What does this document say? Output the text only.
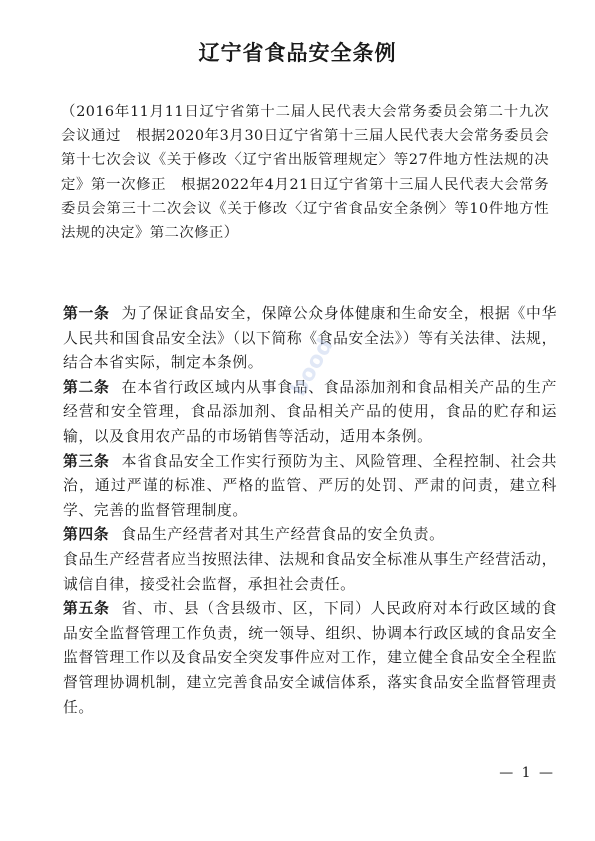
辽宁省食品安全条例
（2016年11月11日辽宁省第十二届人民代表大会常务委员会第二十九次会议通过　根据2020年3月30日辽宁省第十三届人民代表大会常务委员会第十七次会议《关于修改〈辽宁省出版管理规定〉等27件地方性法规的决定》第一次修正　根据2022年4月21日辽宁省第十三届人民代表大会常务委员会第三十二次会议《关于修改〈辽宁省食品安全条例〉等10件地方性法规的决定》第二次修正）

第一条 为了保证食品安全，保障公众身体健康和生命安全，根据《中华人民共和国食品安全法》（以下简称《食品安全法》）等有关法律、法规，结合本省实际，制定本条例。

第二条 在本省行政区域内从事食品、食品添加剂和食品相关产品的生产经营和安全管理，食品添加剂、食品相关产品的使用，食品的贮存和运输，以及食用农产品的市场销售等活动，适用本条例。

第三条 本省食品安全工作实行预防为主、风险管理、全程控制、社会共治，通过严谨的标准、严格的监管、严厉的处罚、严肃的问责，建立科学、完善的监督管理制度。

第四条 食品生产经营者对其生产经营食品的安全负责。

食品生产经营者应当按照法律、法规和食品安全标准从事生产经营活动，诚信自律，接受社会监督，承担社会责任。

第五条 省、市、县（含县级市、区，下同）人民政府对本行政区域的食品安全监督管理工作负责，统一领导、组织、协调本行政区域的食品安全监督管理工作以及食品安全突发事件应对工作，建立健全食品安全全程监督管理协调机制，建立完善食品安全诚信体系，落实食品安全监督管理责任。

bood
— 1 —
